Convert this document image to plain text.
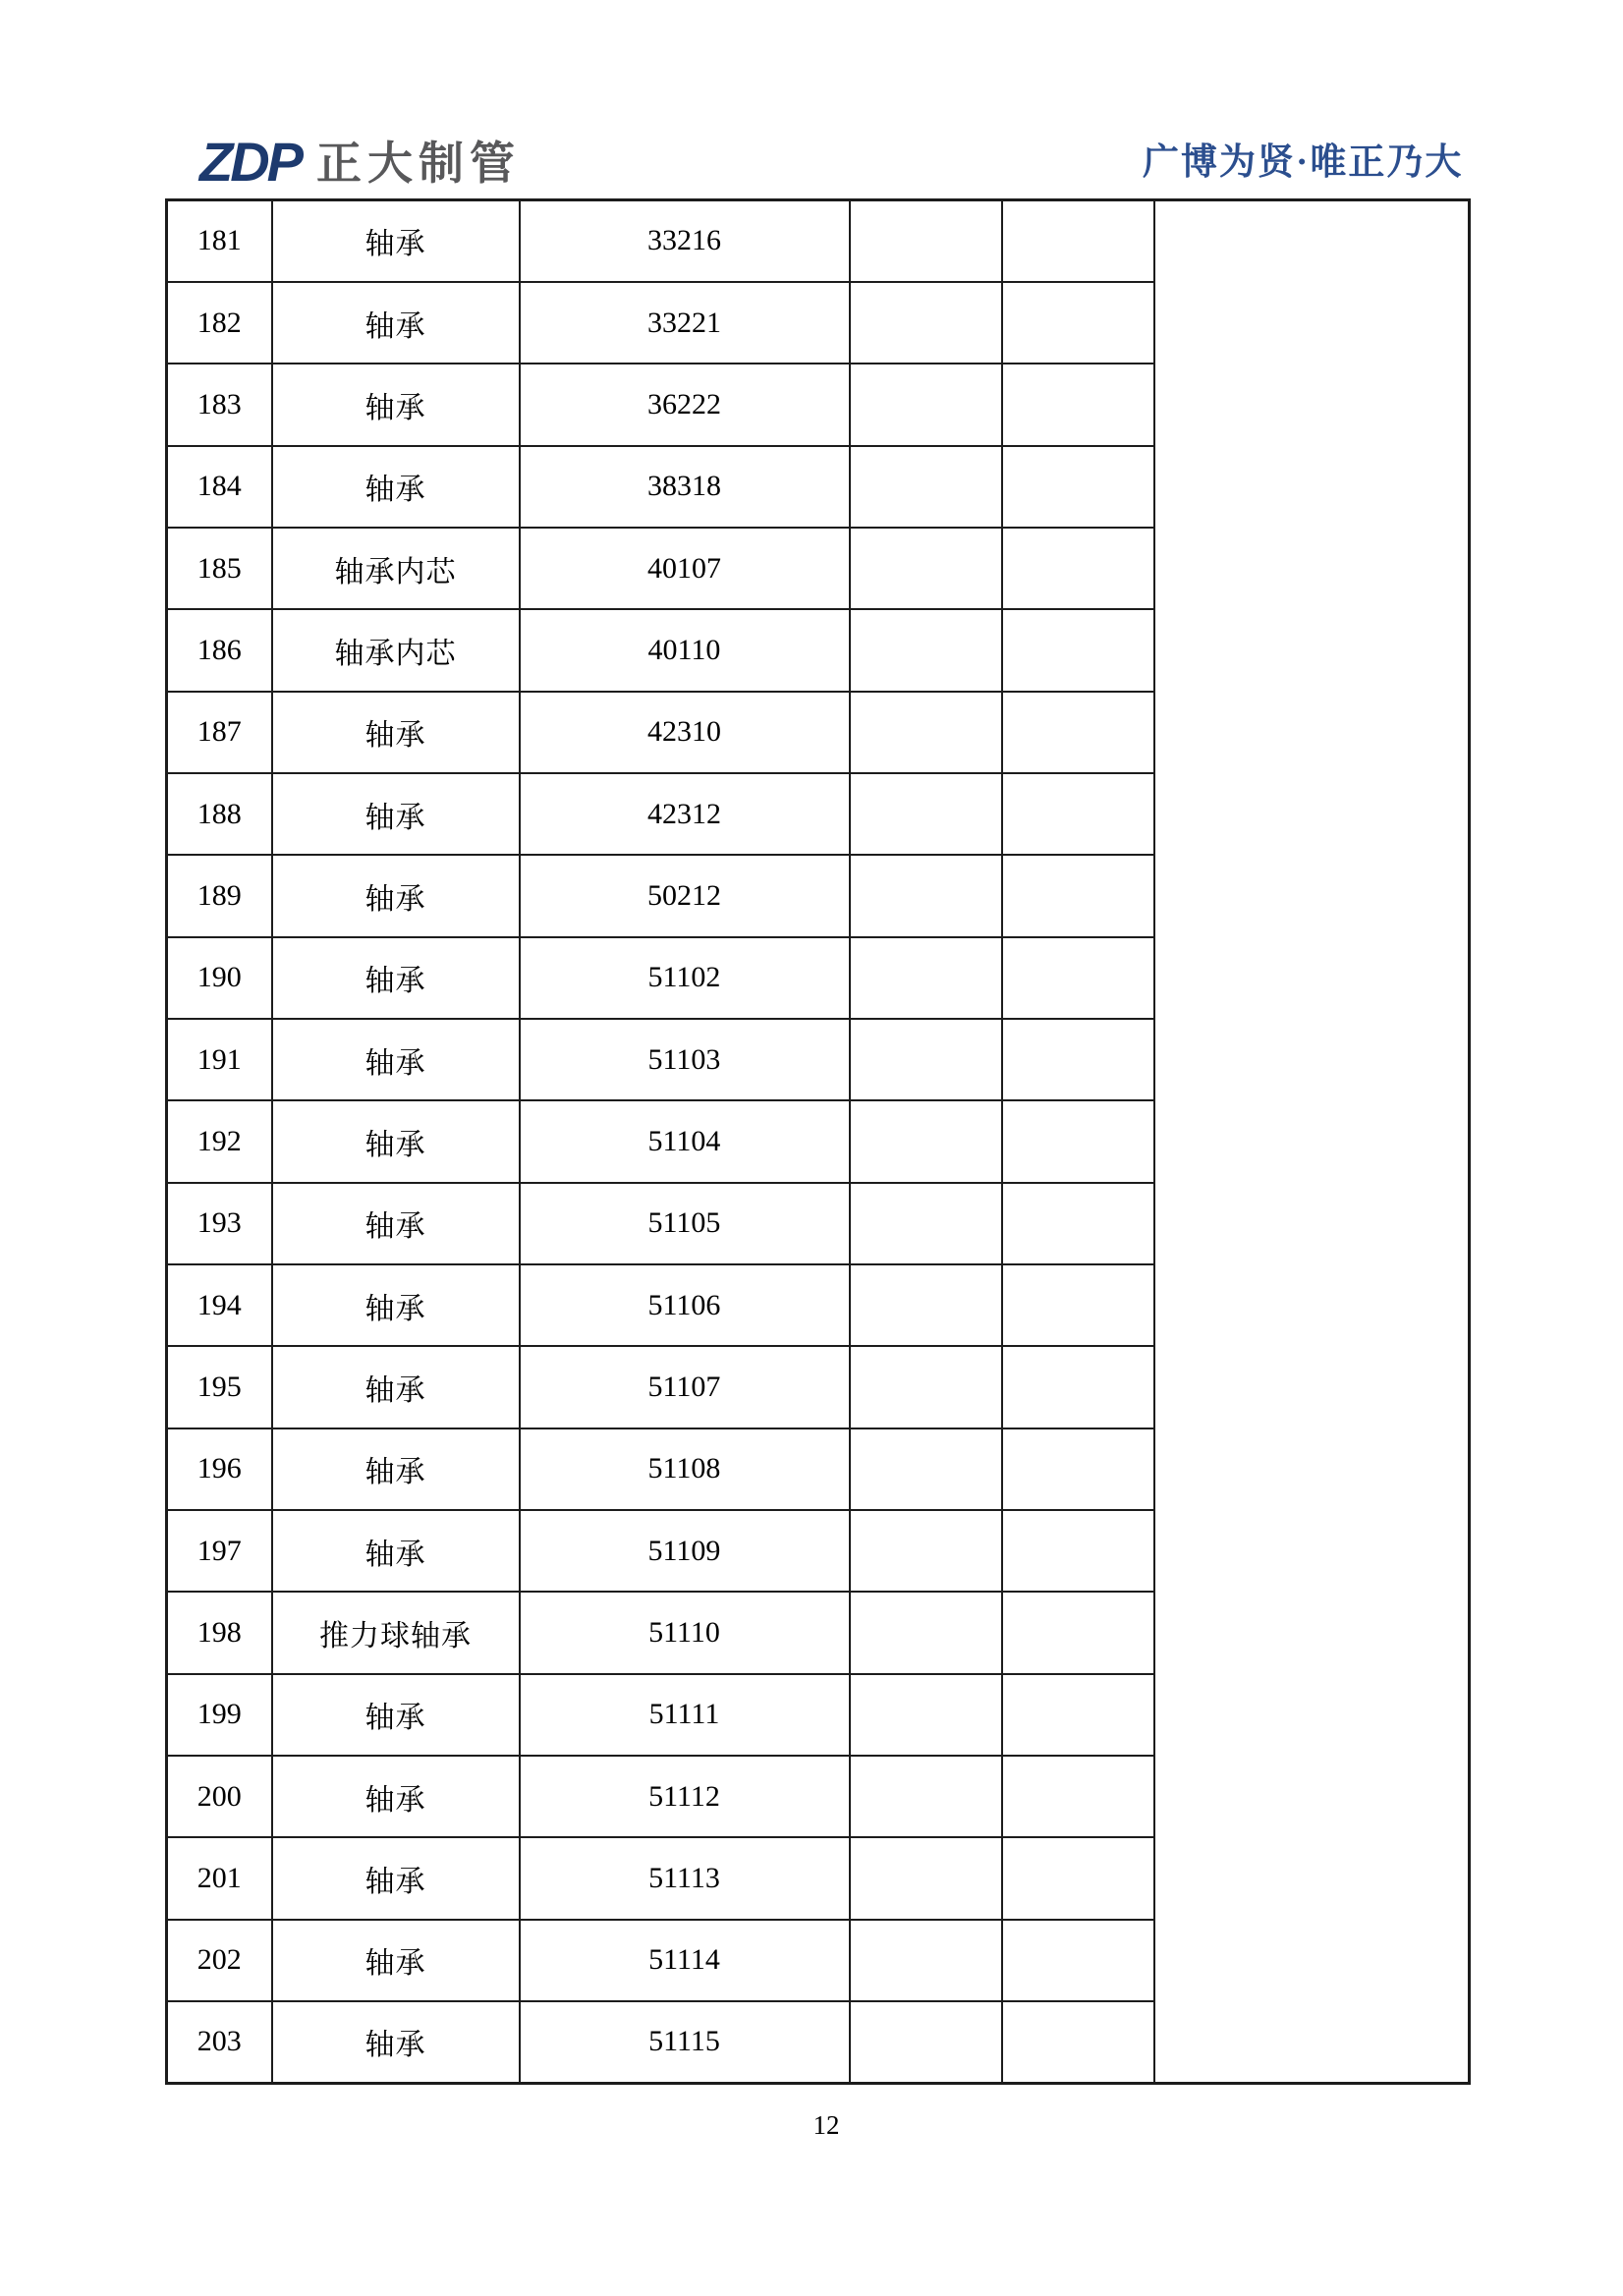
ZDP 正大制管	广博为贤·唯正乃大
181	轴承	33216			
182	轴承	33221			
183	轴承	36222			
184	轴承	38318			
185	轴承内芯	40107			
186	轴承内芯	40110			
187	轴承	42310			
188	轴承	42312			
189	轴承	50212			
190	轴承	51102			
191	轴承	51103			
192	轴承	51104			
193	轴承	51105			
194	轴承	51106			
195	轴承	51107			
196	轴承	51108			
197	轴承	51109			
198	推力球轴承	51110			
199	轴承	51111			
200	轴承	51112			
201	轴承	51113			
202	轴承	51114			
203	轴承	51115			
12
